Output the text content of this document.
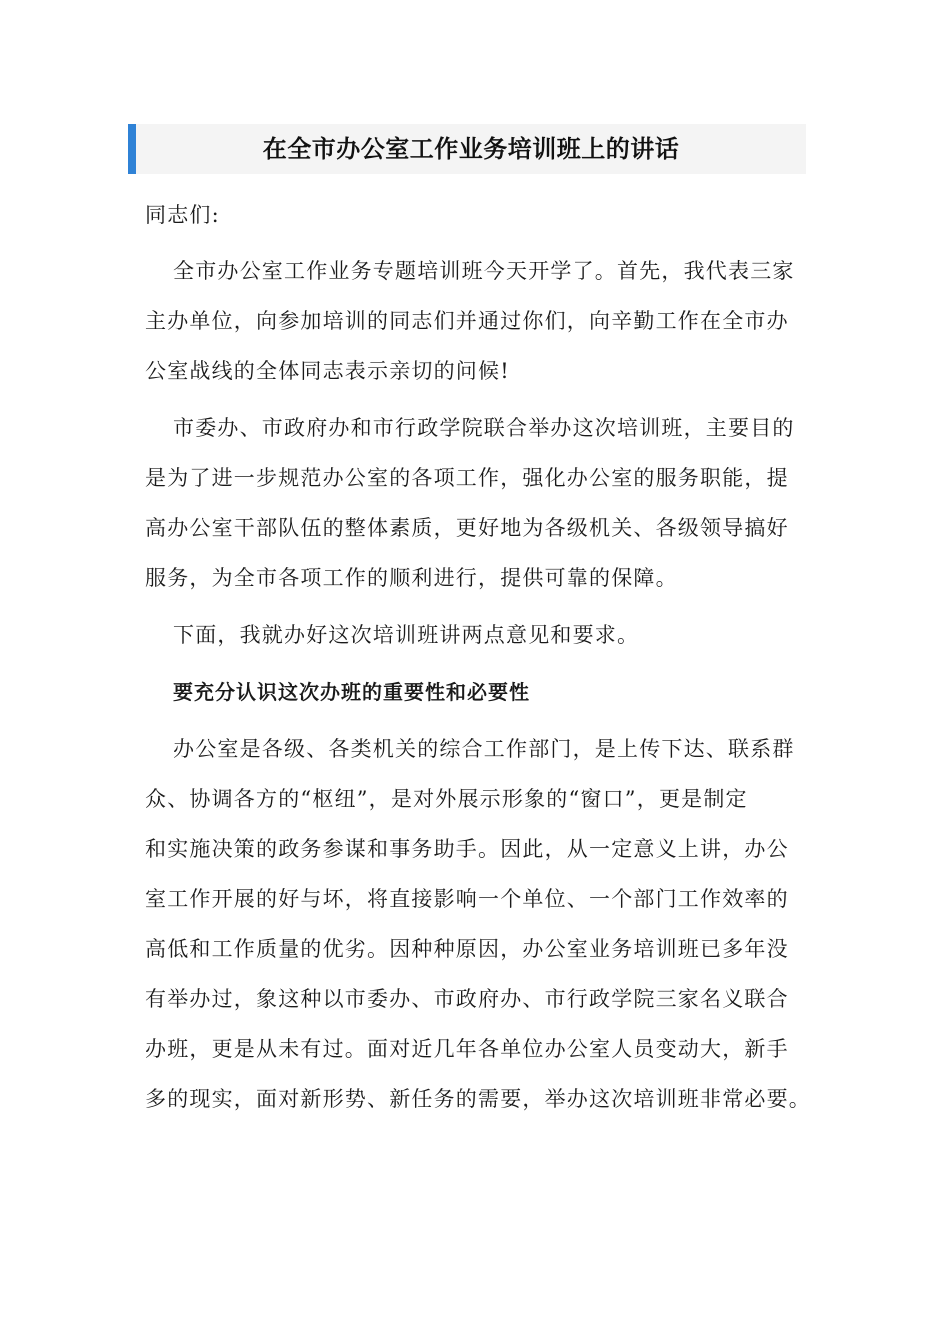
在全市办公室工作业务培训班上的讲话
同志们:
全市办公室工作业务专题培训班今天开学了。首先，我代表三家
主办单位，向参加培训的同志们并通过你们，向辛勤工作在全市办
公室战线的全体同志表示亲切的问候!
市委办、市政府办和市行政学院联合举办这次培训班，主要目的
是为了进一步规范办公室的各项工作，强化办公室的服务职能，提
高办公室干部队伍的整体素质，更好地为各级机关、各级领导搞好
服务，为全市各项工作的顺利进行，提供可靠的保障。
下面，我就办好这次培训班讲两点意见和要求。
要充分认识这次办班的重要性和必要性
办公室是各级、各类机关的综合工作部门，是上传下达、联系群
众、协调各方的“枢纽”，是对外展示形象的“窗口”，更是制定
和实施决策的政务参谋和事务助手。因此，从一定意义上讲，办公
室工作开展的好与坏，将直接影响一个单位、一个部门工作效率的
高低和工作质量的优劣。因种种原因，办公室业务培训班已多年没
有举办过，象这种以市委办、市政府办、市行政学院三家名义联合
办班，更是从未有过。面对近几年各单位办公室人员变动大，新手
多的现实，面对新形势、新任务的需要，举办这次培训班非常必要。
